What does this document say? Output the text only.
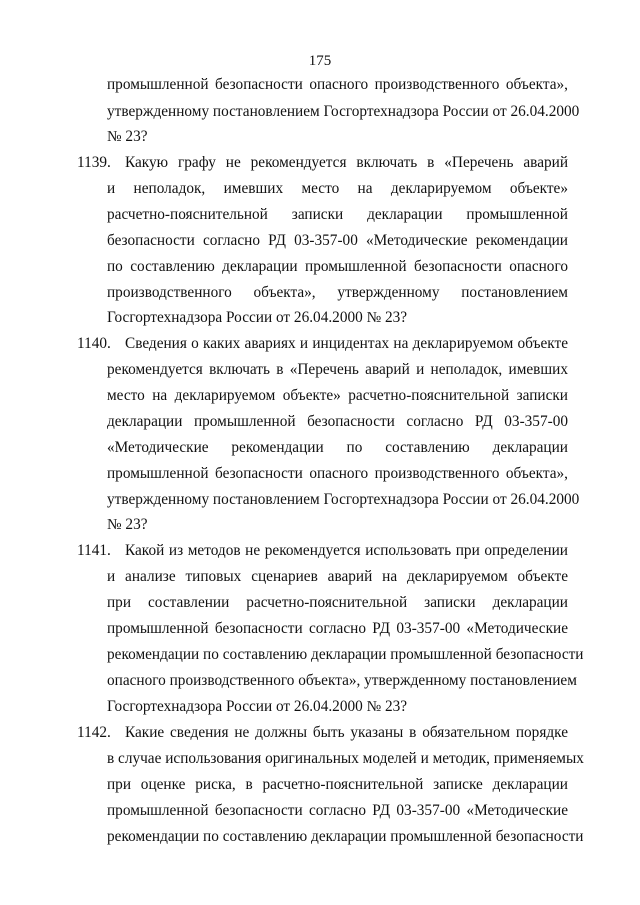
175
промышленной безопасности опасного производственного объекта»,
утвержденному постановлением Госгортехнадзора России от 26.04.2000
№ 23?
1139. Какую графу не рекомендуется включать в «Перечень аварий
и неполадок, имевших место на декларируемом объекте»
расчетно-пояснительной записки декларации промышленной
безопасности согласно РД 03-357-00 «Методические рекомендации
по составлению декларации промышленной безопасности опасного
производственного объекта», утвержденному постановлением
Госгортехнадзора России от 26.04.2000 № 23?
1140. Сведения о каких авариях и инцидентах на декларируемом объекте
рекомендуется включать в «Перечень аварий и неполадок, имевших
место на декларируемом объекте» расчетно-пояснительной записки
декларации промышленной безопасности согласно РД 03-357-00
«Методические рекомендации по составлению декларации
промышленной безопасности опасного производственного объекта»,
утвержденному постановлением Госгортехнадзора России от 26.04.2000
№ 23?
1141. Какой из методов не рекомендуется использовать при определении
и анализе типовых сценариев аварий на декларируемом объекте
при составлении расчетно-пояснительной записки декларации
промышленной безопасности согласно РД 03-357-00 «Методические
рекомендации по составлению декларации промышленной безопасности
опасного производственного объекта», утвержденному постановлением
Госгортехнадзора России от 26.04.2000 № 23?
1142. Какие сведения не должны быть указаны в обязательном порядке
в случае использования оригинальных моделей и методик, применяемых
при оценке риска, в расчетно-пояснительной записке декларации
промышленной безопасности согласно РД 03-357-00 «Методические
рекомендации по составлению декларации промышленной безопасности
